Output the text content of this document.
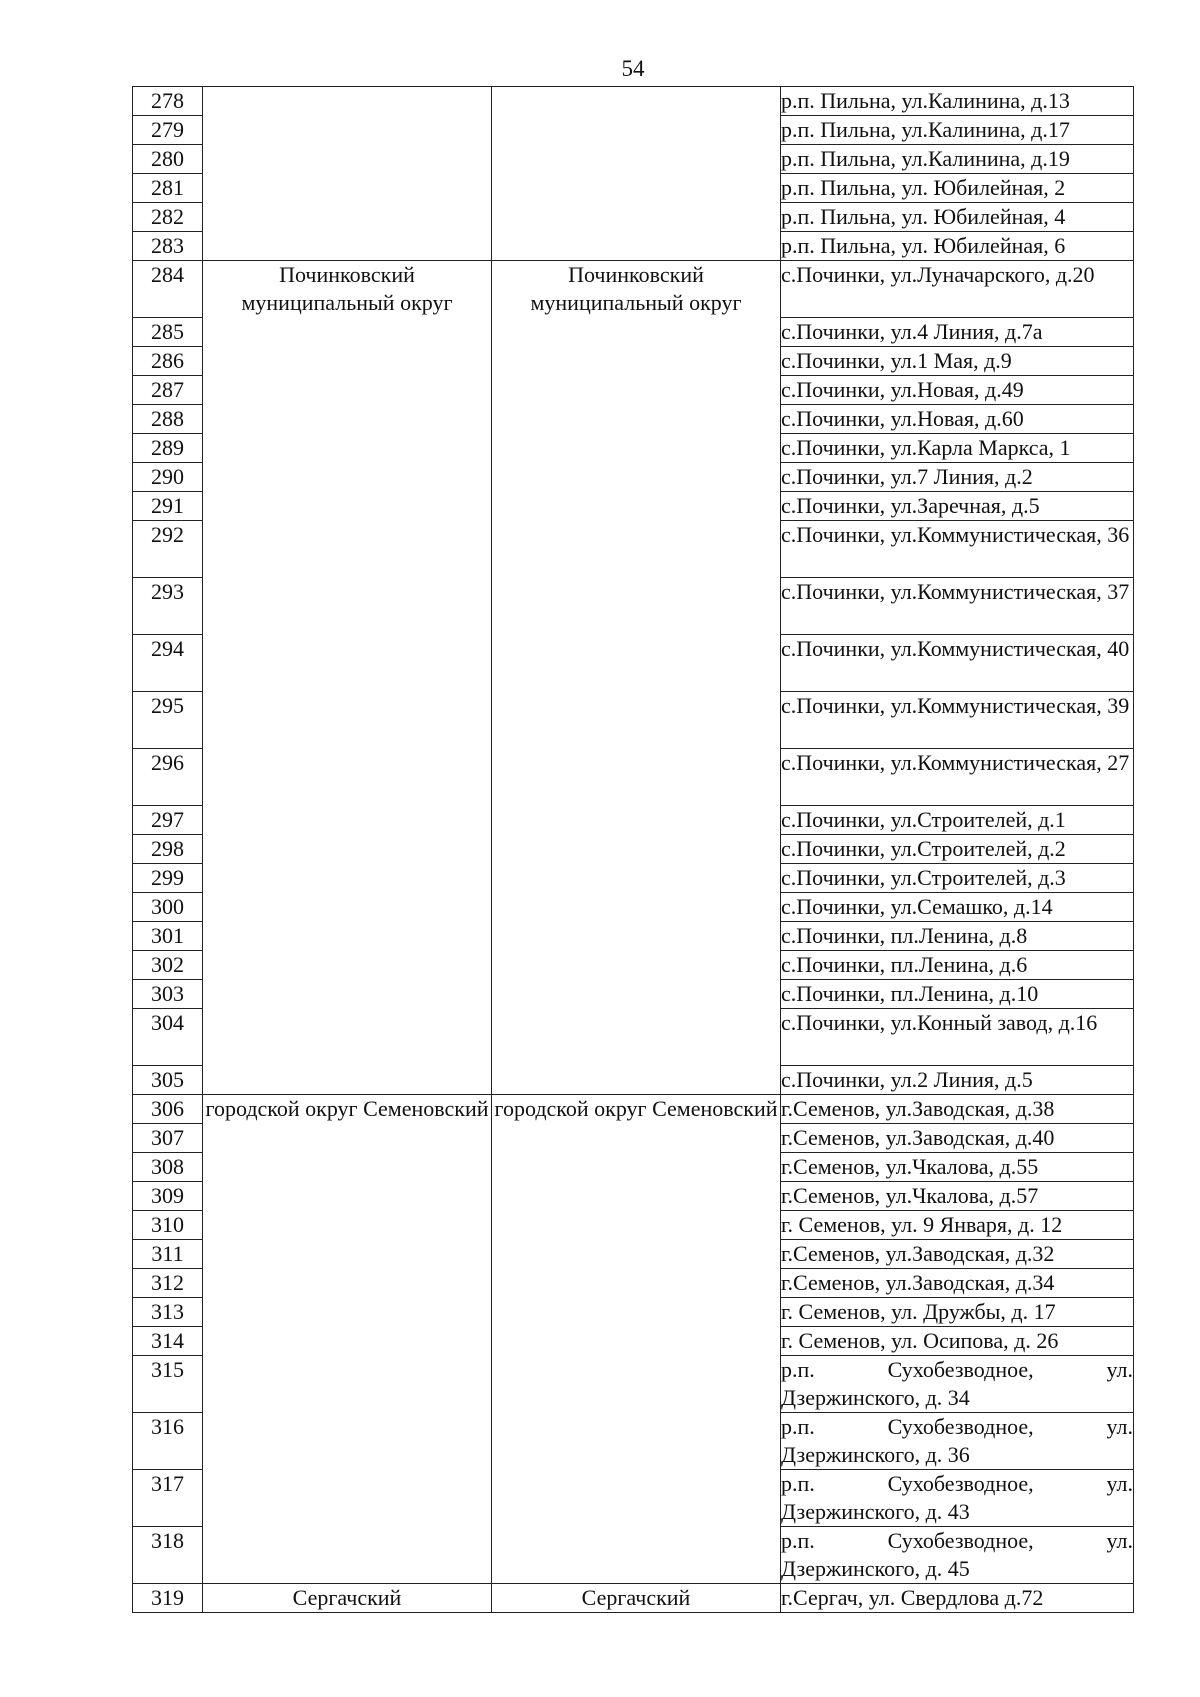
54
278			р.п. Пильна, ул.Калинина, д.13
279			р.п. Пильна, ул.Калинина, д.17
280			р.п. Пильна, ул.Калинина, д.19
281			р.п. Пильна, ул. Юбилейная, 2
282			р.п. Пильна, ул. Юбилейная, 4
283			р.п. Пильна, ул. Юбилейная, 6
284	Починковский муниципальный округ	Починковский муниципальный округ	с.Починки, ул.Луначарского, д.20
285			с.Починки, ул.4 Линия, д.7а
286			с.Починки, ул.1 Мая, д.9
287			с.Починки, ул.Новая, д.49
288			с.Починки, ул.Новая, д.60
289			с.Починки, ул.Карла Маркса, 1
290			с.Починки, ул.7 Линия, д.2
291			с.Починки, ул.Заречная, д.5
292			с.Починки, ул.Коммунистическая, 36
293			с.Починки, ул.Коммунистическая, 37
294			с.Починки, ул.Коммунистическая, 40
295			с.Починки, ул.Коммунистическая, 39
296			с.Починки, ул.Коммунистическая, 27
297			с.Починки, ул.Строителей, д.1
298			с.Починки, ул.Строителей, д.2
299			с.Починки, ул.Строителей, д.3
300			с.Починки, ул.Семашко, д.14
301			с.Починки, пл.Ленина, д.8
302			с.Починки, пл.Ленина, д.6
303			с.Починки, пл.Ленина, д.10
304			с.Починки, ул.Конный завод, д.16
305			с.Починки, ул.2 Линия, д.5
306	городской округ Семеновский	городской округ Семеновский	г.Семенов, ул.Заводская, д.38
307			г.Семенов, ул.Заводская, д.40
308			г.Семенов, ул.Чкалова, д.55
309			г.Семенов, ул.Чкалова, д.57
310			г. Семенов, ул. 9 Января, д. 12
311			г.Семенов, ул.Заводская, д.32
312			г.Семенов, ул.Заводская, д.34
313			г. Семенов, ул. Дружбы, д. 17
314			г. Семенов, ул. Осипова, д. 26
315			р.п. Сухобезводное, ул. Дзержинского, д. 34
316			р.п. Сухобезводное, ул. Дзержинского, д. 36
317			р.п. Сухобезводное, ул. Дзержинского, д. 43
318			р.п. Сухобезводное, ул. Дзержинского, д. 45
319	Сергачский	Сергачский	г.Сергач, ул. Свердлова д.72
